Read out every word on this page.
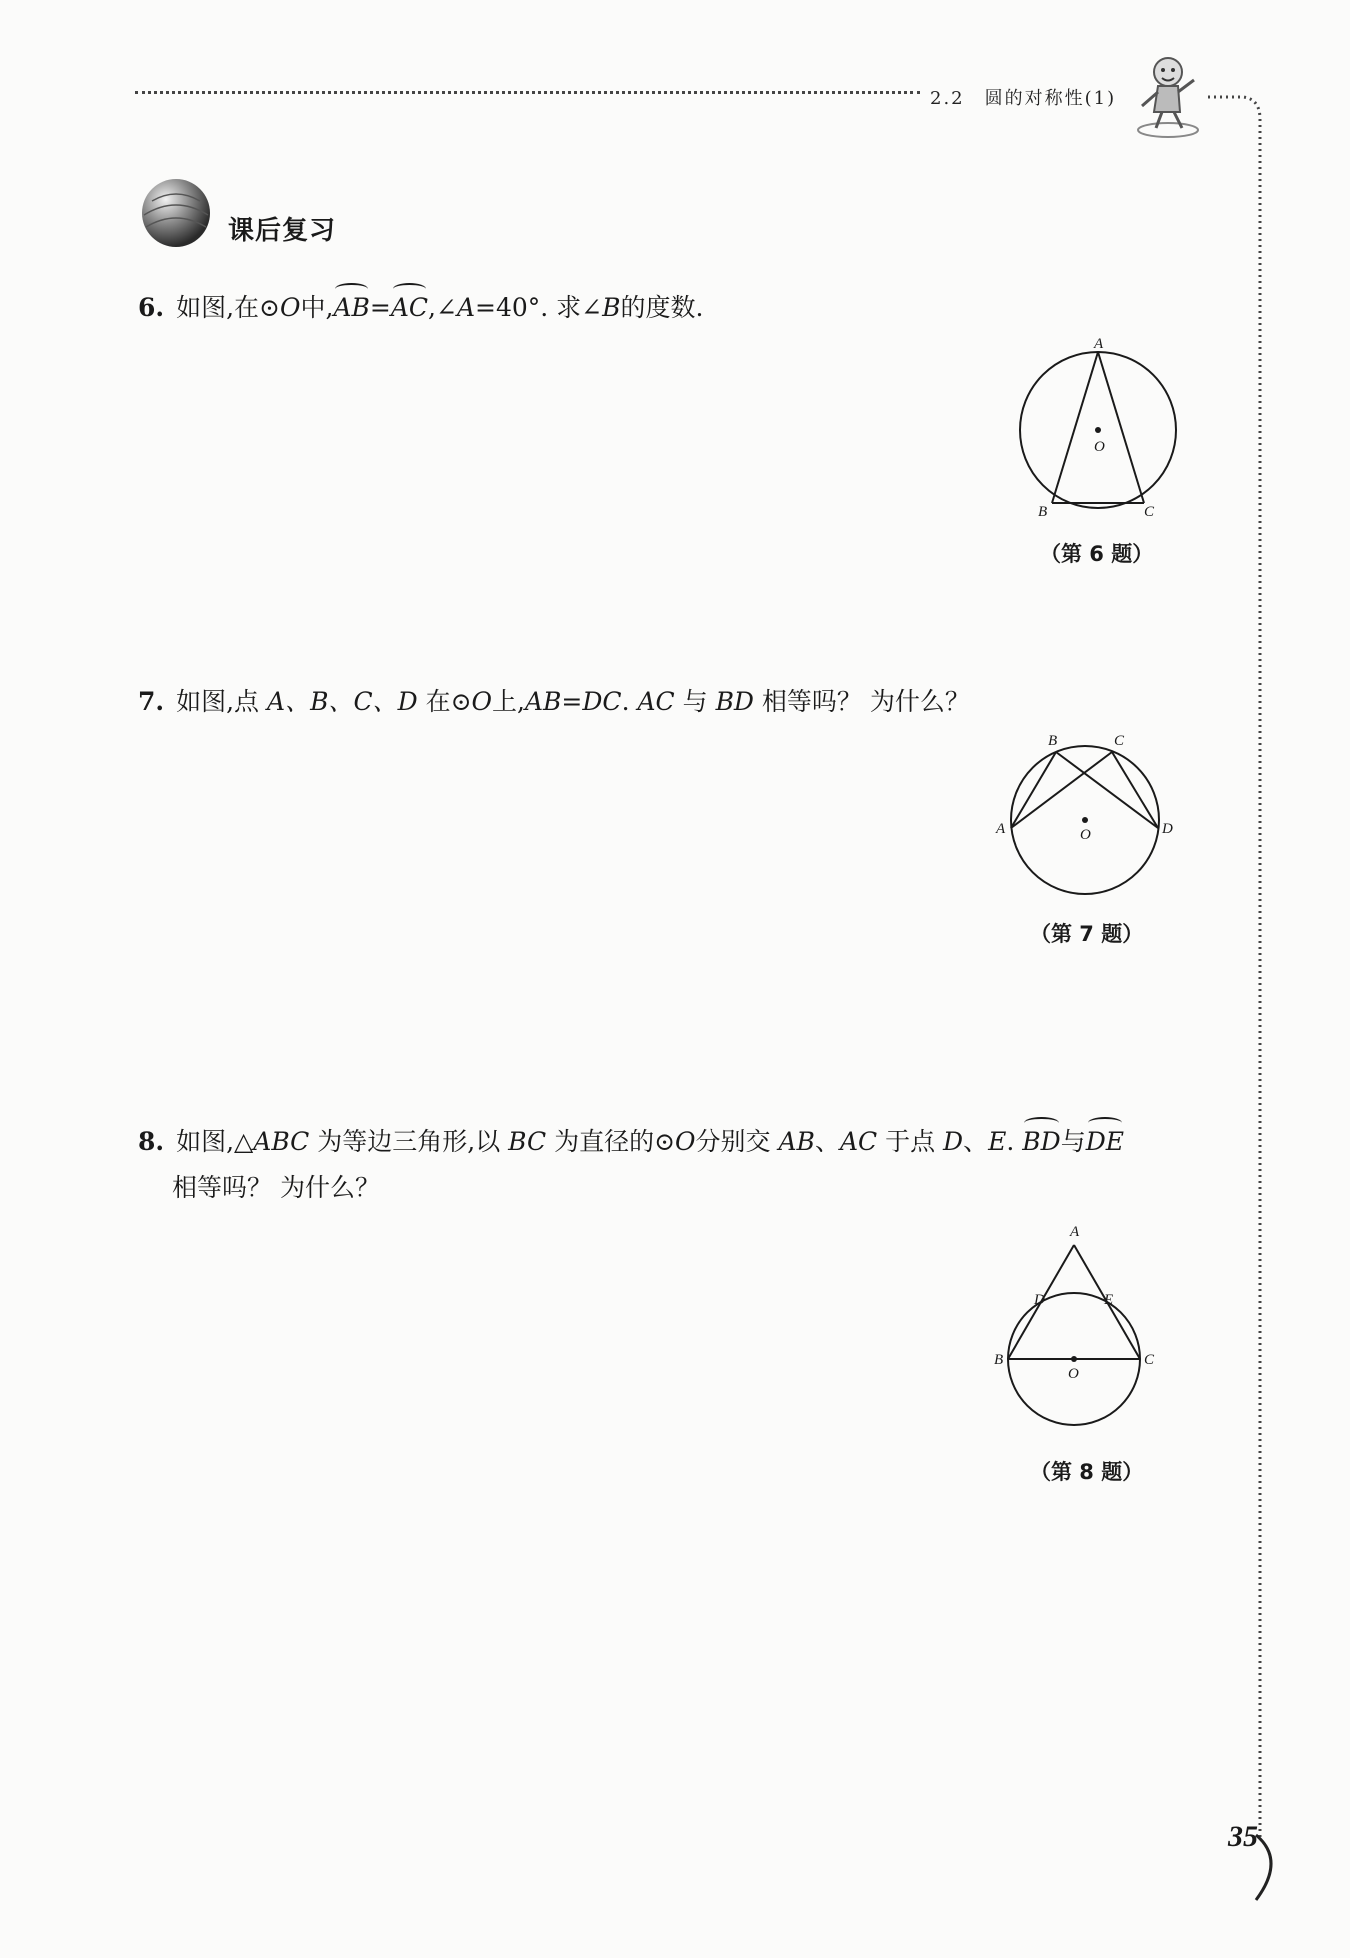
2.2　圆的对称性(1)
课后复习
6. 如图,在⊙O中,AB=AC,∠A=40°. 求∠B的度数.
A
O
B	C
（第 6 题）
7. 如图,点 A、B、C、D 在⊙O上,AB=DC. AC 与 BD 相等吗？ 为什么？
A
B	C
D
O
（第 7 题）
8. 如图,△ABC 为等边三角形,以 BC 为直径的⊙O分别交 AB、AC 于点 D、E. BD与DE
相等吗？ 为什么？
A
D	E
B
O
C
（第 8 题）
35
